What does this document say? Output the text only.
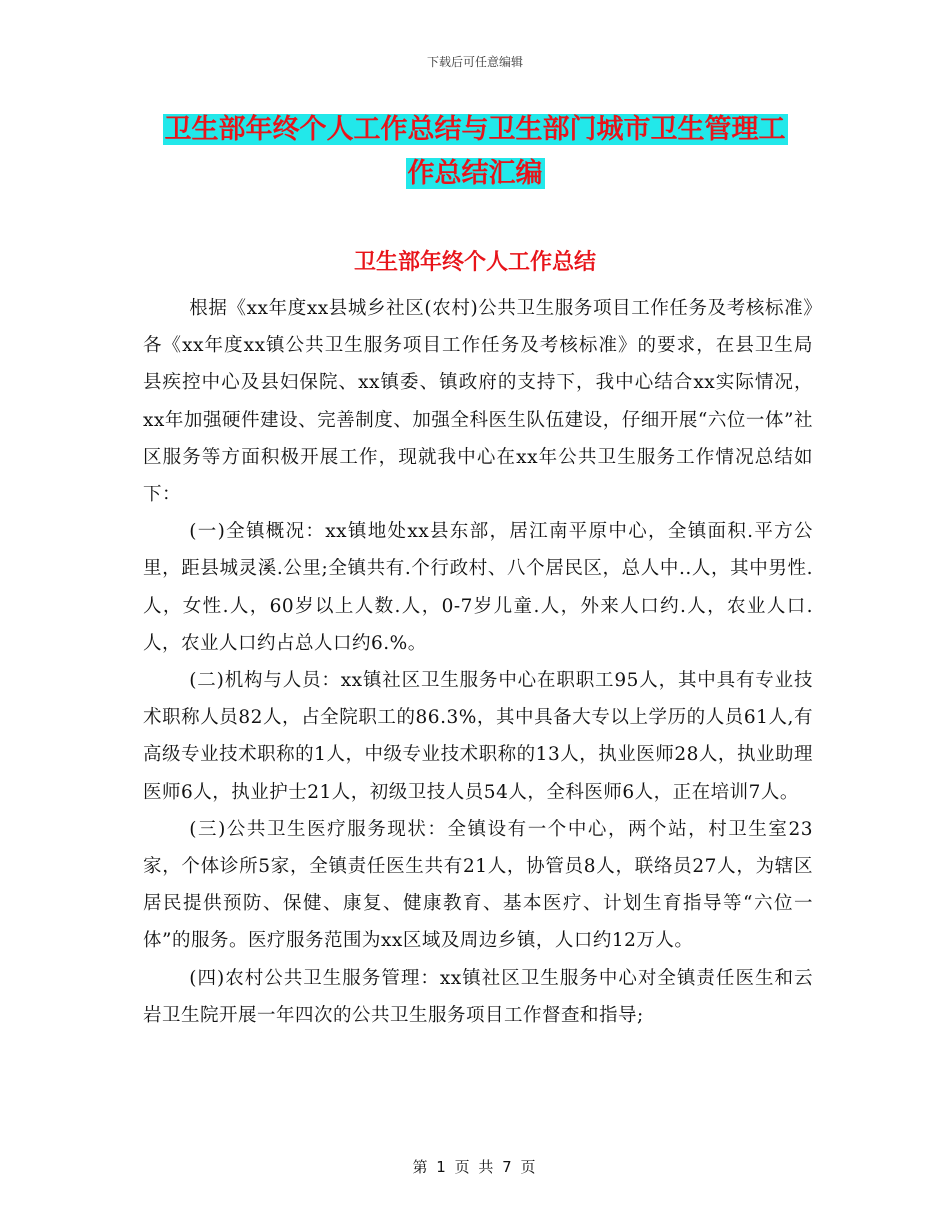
下载后可任意编辑
卫生部年终个人工作总结与卫生部门城市卫生管理工
作总结汇编
卫生部年终个人工作总结

根据《xx年度xx县城乡社区(农村)公共卫生服务项目工作任务及考核标准》各《xx年度xx镇公共卫生服务项目工作任务及考核标准》的要求，在县卫生局县疾控中心及县妇保院、xx镇委、镇政府的支持下，我中心结合xx实际情况，xx年加强硬件建设、完善制度、加强全科医生队伍建设，仔细开展“六位一体”社区服务等方面积极开展工作，现就我中心在xx年公共卫生服务工作情况总结如下：

(一)全镇概况：xx镇地处xx县东部，居江南平原中心，全镇面积.平方公里，距县城灵溪.公里;全镇共有.个行政村、八个居民区，总人中..人，其中男性.人，女性.人，60岁以上人数.人，0-7岁儿童.人，外来人口约.人，农业人口.人，农业人口约占总人口约6.%。

(二)机构与人员：xx镇社区卫生服务中心在职职工95人，其中具有专业技术职称人员82人，占全院职工的86.3%，其中具备大专以上学历的人员61人,有高级专业技术职称的1人，中级专业技术职称的13人，执业医师28人，执业助理医师6人，执业护士21人，初级卫技人员54人，全科医师6人，正在培训7人。

(三)公共卫生医疗服务现状：全镇设有一个中心，两个站，村卫生室23家，个体诊所5家，全镇责任医生共有21人，协管员8人，联络员27人，为辖区居民提供预防、保健、康复、健康教育、基本医疗、计划生育指导等“六位一体”的服务。医疗服务范围为xx区域及周边乡镇，人口约12万人。

(四)农村公共卫生服务管理：xx镇社区卫生服务中心对全镇责任医生和云岩卫生院开展一年四次的公共卫生服务项目工作督查和指导;

第 1 页 共 7 页
